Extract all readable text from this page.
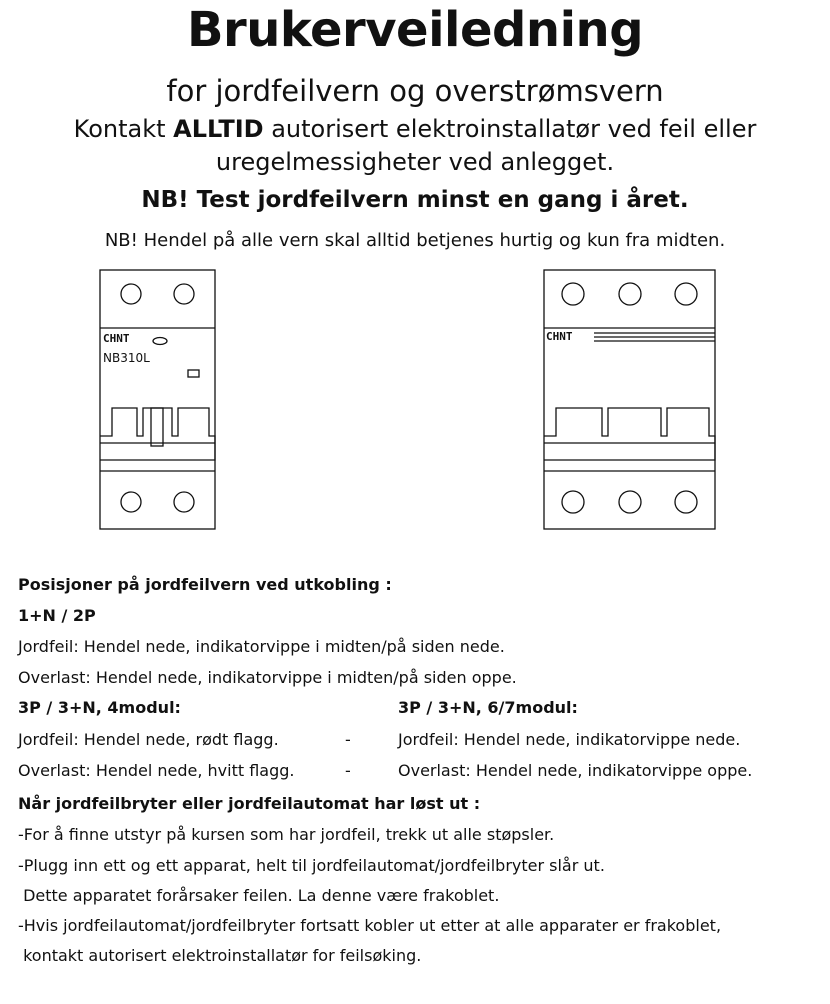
Brukerveiledning
for jordfeilvern og overstrømsvern
Kontakt ALLTID autorisert elektroinstallatør ved feil eller
uregelmessigheter ved anlegget.
NB! Test jordfeilvern minst en gang i året.
NB! Hendel på alle vern skal alltid betjenes hurtig og kun fra midten.
CHNT
NB310L
CHNT
Posisjoner på jordfeilvern ved utkobling :
1+N / 2P
Jordfeil: Hendel nede, indikatorvippe i midten/på siden nede.
Overlast: Hendel nede, indikatorvippe i midten/på siden oppe.
3P / 3+N, 4modul:	3P / 3+N, 6/7modul:
Jordfeil: Hendel nede, rødt flagg.	-	Jordfeil: Hendel nede, indikatorvippe nede.
Overlast: Hendel nede, hvitt flagg.	-	Overlast: Hendel nede, indikatorvippe oppe.
Når jordfeilbryter eller jordfeilautomat har løst ut :
-For å finne utstyr på kursen som har jordfeil, trekk ut alle støpsler.
-Plugg inn ett og ett apparat, helt til jordfeilautomat/jordfeilbryter slår ut.
Dette apparatet forårsaker feilen. La denne være frakoblet.
-Hvis jordfeilautomat/jordfeilbryter fortsatt kobler ut etter at alle apparater er frakoblet,
kontakt autorisert elektroinstallatør for feilsøking.
